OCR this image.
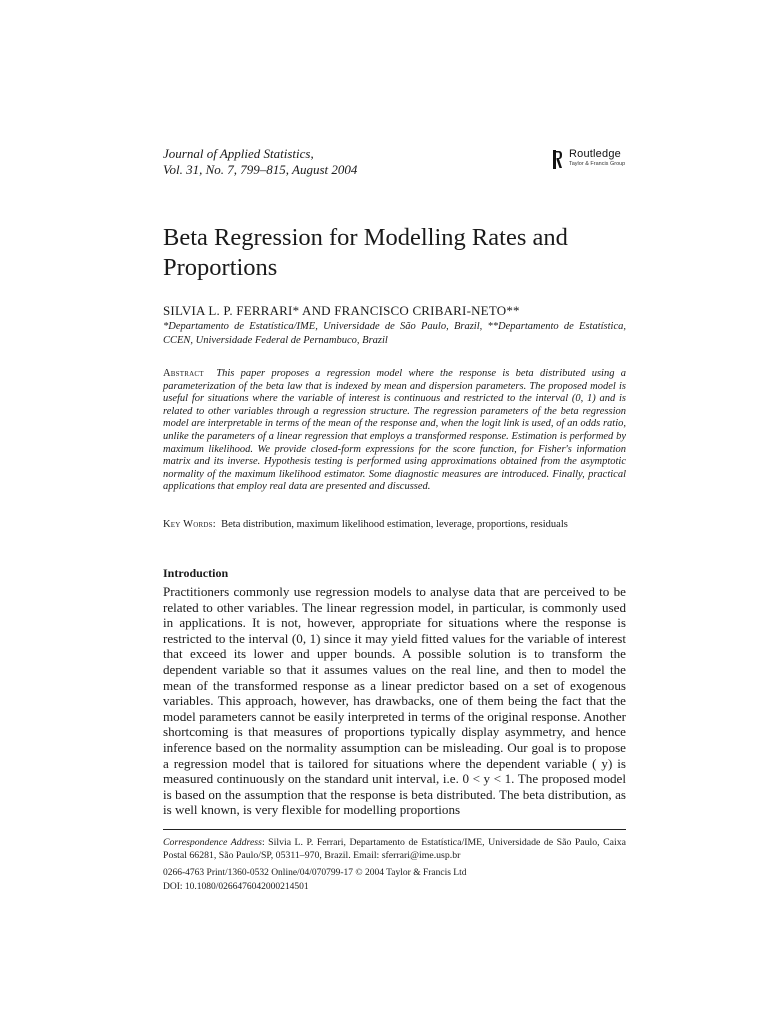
Journal of Applied Statistics,
Vol. 31, No. 7, 799–815, August 2004
Routledge
Taylor & Francis Group
Beta Regression for Modelling Rates and Proportions
SILVIA L. P. FERRARI* AND FRANCISCO CRIBARI-NETO**
*Departamento de Estatística/IME, Universidade de São Paulo, Brazil, **Departamento de Estatística, CCEN, Universidade Federal de Pernambuco, Brazil
Abstract This paper proposes a regression model where the response is beta distributed using a parameterization of the beta law that is indexed by mean and dispersion parameters. The proposed model is useful for situations where the variable of interest is continuous and restricted to the interval (0, 1) and is related to other variables through a regression structure. The regression parameters of the beta regression model are interpretable in terms of the mean of the response and, when the logit link is used, of an odds ratio, unlike the parameters of a linear regression that employs a transformed response. Estimation is performed by maximum likelihood. We provide closed-form expressions for the score function, for Fisher's information matrix and its inverse. Hypothesis testing is performed using approximations obtained from the asymptotic normality of the maximum likelihood estimator. Some diagnostic measures are introduced. Finally, practical applications that employ real data are presented and discussed.
Key Words: Beta distribution, maximum likelihood estimation, leverage, proportions, residuals
Introduction
Practitioners commonly use regression models to analyse data that are perceived to be related to other variables. The linear regression model, in particular, is commonly used in applications. It is not, however, appropriate for situations where the response is restricted to the interval (0, 1) since it may yield fitted values for the variable of interest that exceed its lower and upper bounds. A possible solution is to transform the dependent variable so that it assumes values on the real line, and then to model the mean of the transformed response as a linear predictor based on a set of exogenous variables. This approach, however, has drawbacks, one of them being the fact that the model parameters cannot be easily interpreted in terms of the original response. Another shortcoming is that measures of proportions typically display asymmetry, and hence inference based on the normality assumption can be misleading. Our goal is to propose a regression model that is tailored for situations where the dependent variable ( y) is measured continuously on the standard unit interval, i.e. 0 < y < 1. The proposed model is based on the assumption that the response is beta distributed. The beta distribution, as is well known, is very flexible for modelling proportions
Correspondence Address: Silvia L. P. Ferrari, Departamento de Estatística/IME, Universidade de São Paulo, Caixa Postal 66281, São Paulo/SP, 05311–970, Brazil. Email: sferrari@ime.usp.br
0266-4763 Print/1360-0532 Online/04/070799-17 © 2004 Taylor & Francis Ltd
DOI: 10.1080/0266476042000214501
